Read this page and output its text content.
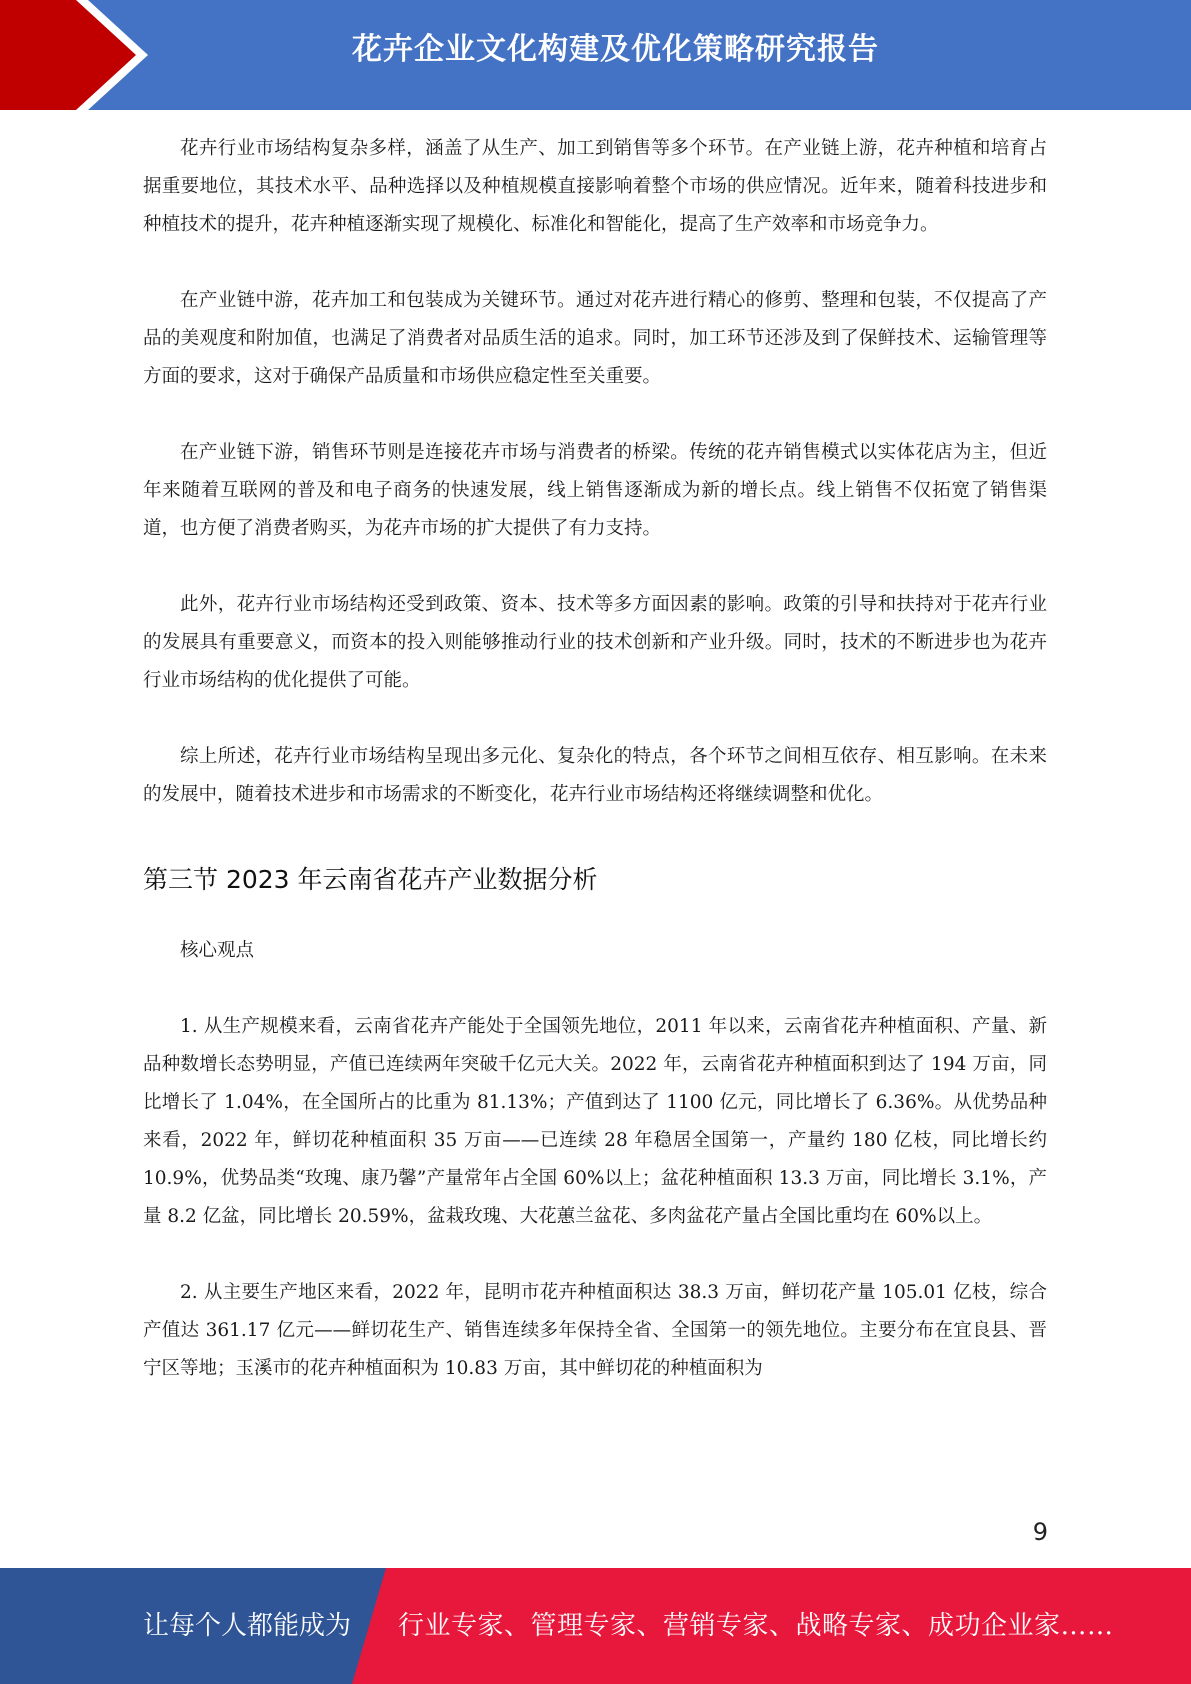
花卉企业文化构建及优化策略研究报告

花卉行业市场结构复杂多样，涵盖了从生产、加工到销售等多个环节。在产业链上游，花卉种植和培育占据重要地位，其技术水平、品种选择以及种植规模直接影响着整个市场的供应情况。近年来，随着科技进步和种植技术的提升，花卉种植逐渐实现了规模化、标准化和智能化，提高了生产效率和市场竞争力。

在产业链中游，花卉加工和包装成为关键环节。通过对花卉进行精心的修剪、整理和包装，不仅提高了产品的美观度和附加值，也满足了消费者对品质生活的追求。同时，加工环节还涉及到了保鲜技术、运输管理等方面的要求，这对于确保产品质量和市场供应稳定性至关重要。

在产业链下游，销售环节则是连接花卉市场与消费者的桥梁。传统的花卉销售模式以实体花店为主，但近年来随着互联网的普及和电子商务的快速发展，线上销售逐渐成为新的增长点。线上销售不仅拓宽了销售渠道，也方便了消费者购买，为花卉市场的扩大提供了有力支持。

此外，花卉行业市场结构还受到政策、资本、技术等多方面因素的影响。政策的引导和扶持对于花卉行业的发展具有重要意义，而资本的投入则能够推动行业的技术创新和产业升级。同时，技术的不断进步也为花卉行业市场结构的优化提供了可能。

综上所述，花卉行业市场结构呈现出多元化、复杂化的特点，各个环节之间相互依存、相互影响。在未来的发展中，随着技术进步和市场需求的不断变化，花卉行业市场结构还将继续调整和优化。

第三节 2023 年云南省花卉产业数据分析

核心观点

1. 从生产规模来看，云南省花卉产能处于全国领先地位，2011 年以来，云南省花卉种植面积、产量、新品种数增长态势明显，产值已连续两年突破千亿元大关。2022 年，云南省花卉种植面积到达了 194 万亩，同比增长了 1.04%，在全国所占的比重为 81.13%；产值到达了 1100 亿元，同比增长了 6.36%。从优势品种来看，2022 年，鲜切花种植面积 35 万亩——已连续 28 年稳居全国第一，产量约 180 亿枝，同比增长约 10.9%，优势品类“玫瑰、康乃馨”产量常年占全国 60%以上；盆花种植面积 13.3 万亩，同比增长 3.1%，产量 8.2 亿盆，同比增长 20.59%，盆栽玫瑰、大花蕙兰盆花、多肉盆花产量占全国比重均在 60%以上。

2. 从主要生产地区来看，2022 年，昆明市花卉种植面积达 38.3 万亩，鲜切花产量 105.01 亿枝，综合产值达 361.17 亿元——鲜切花生产、销售连续多年保持全省、全国第一的领先地位。主要分布在宜良县、晋宁区等地；玉溪市的花卉种植面积为 10.83 万亩，其中鲜切花的种植面积为

9
让每个人都能成为 行业专家、管理专家、营销专家、战略专家、成功企业家……
